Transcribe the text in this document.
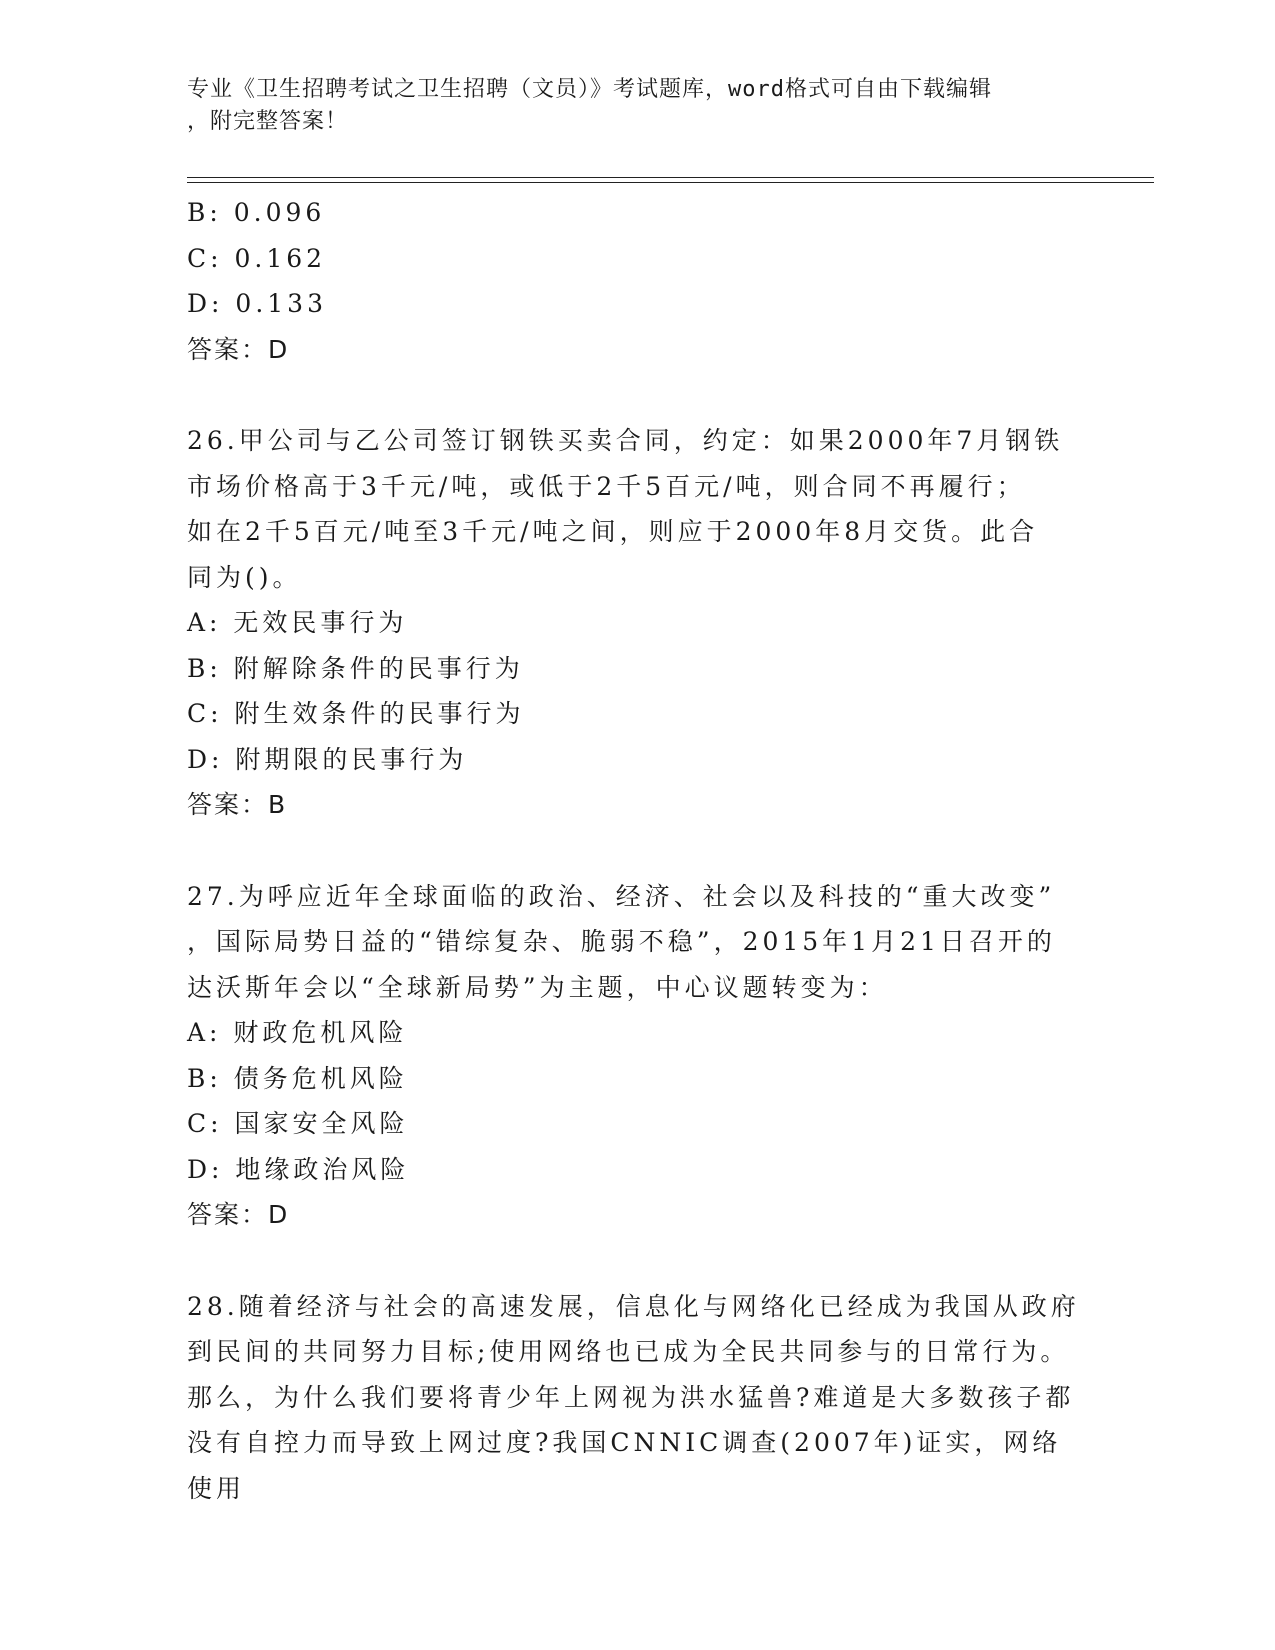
专业《卫生招聘考试之卫生招聘（文员）》考试题库，word格式可自由下载编辑
，附完整答案！
B: 0.096
C: 0.162
D: 0.133
答案：D
26.甲公司与乙公司签订钢铁买卖合同，约定：如果2000年7月钢铁
市场价格高于3千元/吨，或低于2千5百元/吨，则合同不再履行；
如在2千5百元/吨至3千元/吨之间，则应于2000年8月交货。此合
同为()。
A: 无效民事行为
B: 附解除条件的民事行为
C: 附生效条件的民事行为
D: 附期限的民事行为
答案：B
27.为呼应近年全球面临的政治、经济、社会以及科技的“重大改变”
，国际局势日益的“错综复杂、脆弱不稳”，2015年1月21日召开的
达沃斯年会以“全球新局势”为主题，中心议题转变为：
A: 财政危机风险
B: 债务危机风险
C: 国家安全风险
D: 地缘政治风险
答案：D
28.随着经济与社会的高速发展，信息化与网络化已经成为我国从政府
到民间的共同努力目标;使用网络也已成为全民共同参与的日常行为。
那么，为什么我们要将青少年上网视为洪水猛兽?难道是大多数孩子都
没有自控力而导致上网过度?我国CNNIC调查(2007年)证实，网络使用
